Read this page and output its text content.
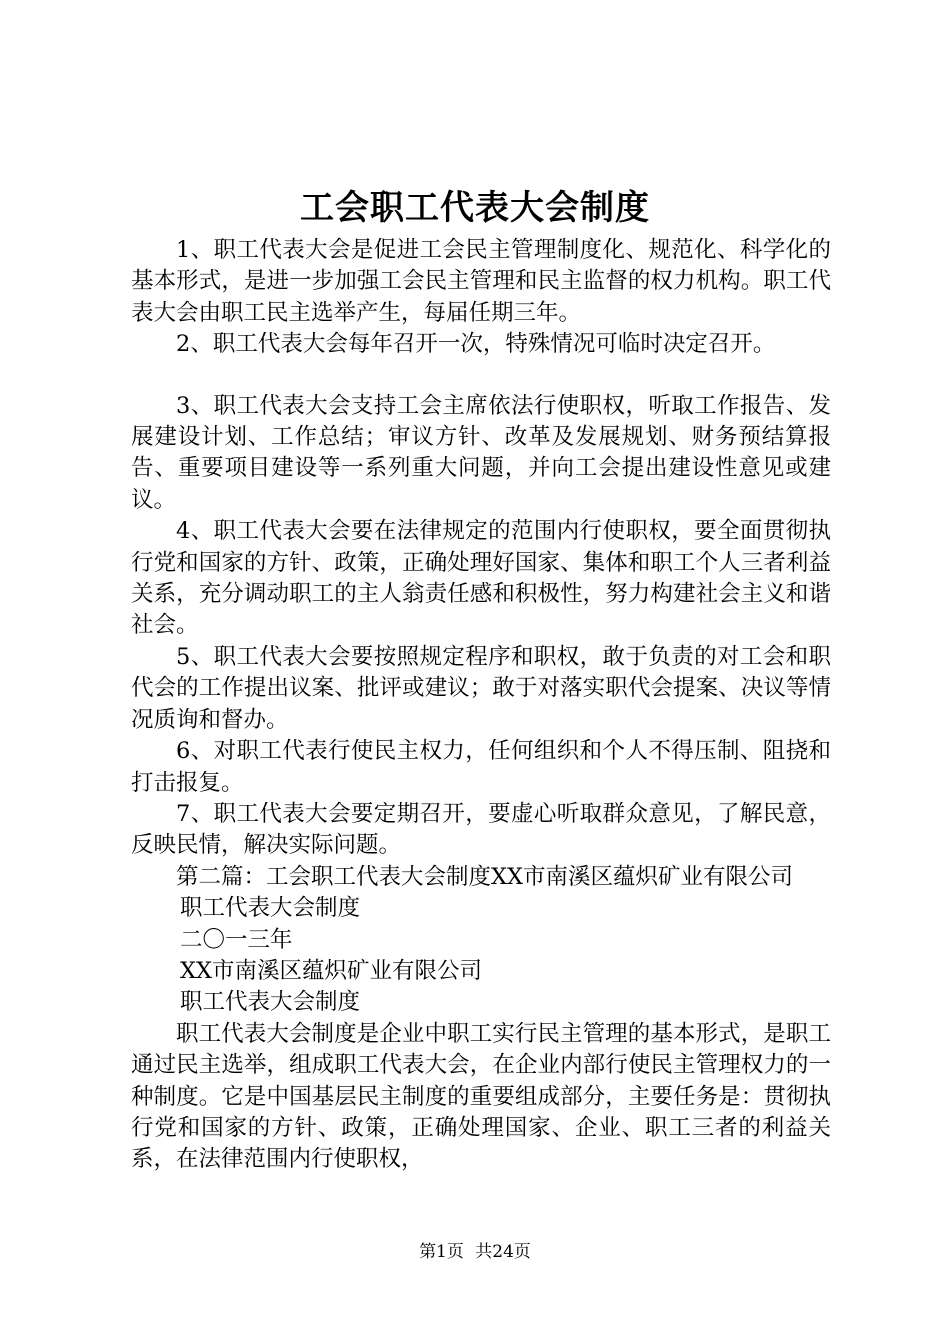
工会职工代表大会制度

1、职工代表大会是促进工会民主管理制度化、规范化、科学化的基本形式，是进一步加强工会民主管理和民主监督的权力机构。职工代表大会由职工民主选举产生，每届任期三年。

2、职工代表大会每年召开一次，特殊情况可临时决定召开。

3、职工代表大会支持工会主席依法行使职权，听取工作报告、发展建设计划、工作总结；审议方针、改革及发展规划、财务预结算报告、重要项目建设等一系列重大问题，并向工会提出建设性意见或建议。

4、职工代表大会要在法律规定的范围内行使职权，要全面贯彻执行党和国家的方针、政策，正确处理好国家、集体和职工个人三者利益关系，充分调动职工的主人翁责任感和积极性，努力构建社会主义和谐社会。

5、职工代表大会要按照规定程序和职权，敢于负责的对工会和职代会的工作提出议案、批评或建议；敢于对落实职代会提案、决议等情况质询和督办。

6、对职工代表行使民主权力，任何组织和个人不得压制、阻挠和打击报复。

7、职工代表大会要定期召开，要虚心听取群众意见，了解民意，反映民情，解决实际问题。

第二篇：工会职工代表大会制度XX市南溪区蕴炽矿业有限公司

职工代表大会制度

二〇一三年

XX市南溪区蕴炽矿业有限公司

职工代表大会制度

职工代表大会制度是企业中职工实行民主管理的基本形式，是职工通过民主选举，组成职工代表大会，在企业内部行使民主管理权力的一种制度。它是中国基层民主制度的重要组成部分，主要任务是：贯彻执行党和国家的方针、政策，正确处理国家、企业、职工三者的利益关系，在法律范围内行使职权，

第1页 共24页
